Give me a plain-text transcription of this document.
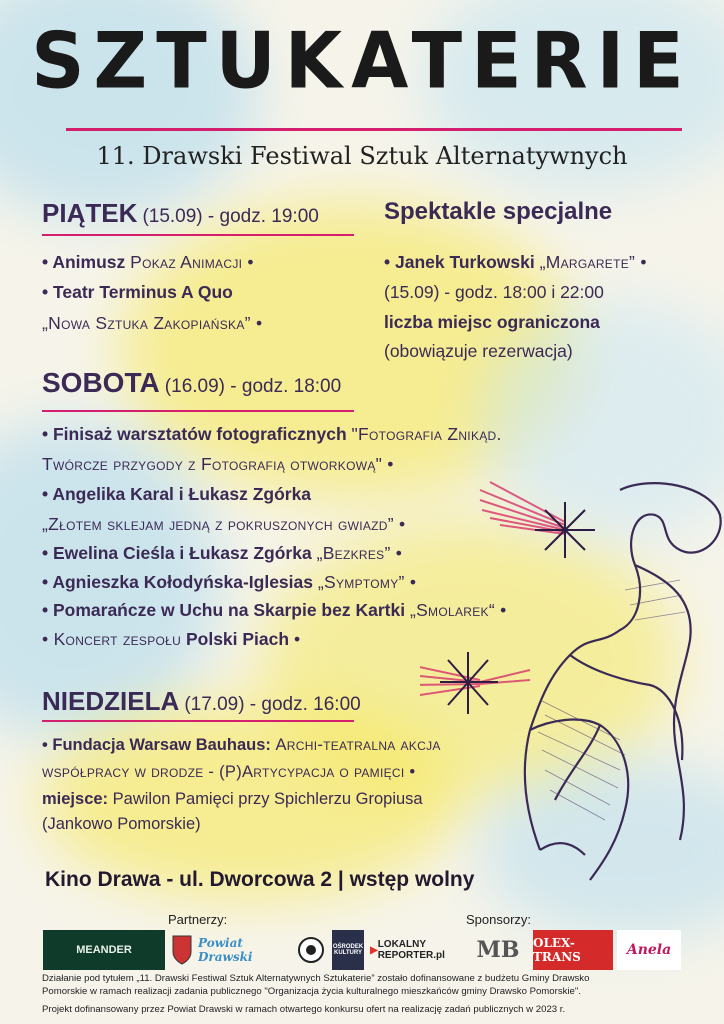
SZTUKATERIE
11. Drawski Festiwal Sztuk Alternatywnych
PIĄTEK (15.09) - godz. 19:00
• Animusz Pokaz Animacji •
• Teatr Terminus A Quo
„Nowa Sztuka Zakopiańska” •
Spektakle specjalne
• Janek Turkowski „Margarete” •
(15.09) - godz. 18:00 i 22:00
liczba miejsc ograniczona
(obowiązuje rezerwacja)
SOBOTA (16.09) - godz. 18:00
• Finisaż warsztatów fotograficznych "Fotografia Znikąd.
Twórcze przygody z Fotografią otworkową" •
• Angelika Karal i Łukasz Zgórka
„Złotem sklejam jedną z pokruszonych gwiazd” •
• Ewelina Cieśla i Łukasz Zgórka „Bezkres” •
• Agnieszka Kołodyńska-Iglesias „Symptomy” •
• Pomarańcze w Uchu na Skarpie bez Kartki „Smolarek“ •
• Koncert zespołu Polski Piach •
NIEDZIELA (17.09) - godz. 16:00
• Fundacja Warsaw Bauhaus: Archi-teatralna akcja
współpracy w drodze - (P)Artycypacja o pamięci •
miejsce: Pawilon Pamięci przy Spichlerzu Gropiusa
(Jankowo Pomorskie)
Kino Drawa - ul. Dworcowa 2 | wstęp wolny
Partnerzy:	Sponsorzy:
MEANDER	Powiat Drawski
OŚRODEK KULTURY ▶ LOKALNY REPORTER.pl	MB OLEX-TRANS	Anela
Działanie pod tytułem „11. Drawski Festiwal Sztuk Alternatywnych Sztukaterie” zostało dofinansowane z budżetu Gminy Drawsko
Pomorskie w ramach realizacji zadania publicznego "Organizacja życia kulturalnego mieszkańców gminy Drawsko Pomorskie".
Projekt dofinansowany przez Powiat Drawski w ramach otwartego konkursu ofert na realizację zadań publicznych w 2023 r.
